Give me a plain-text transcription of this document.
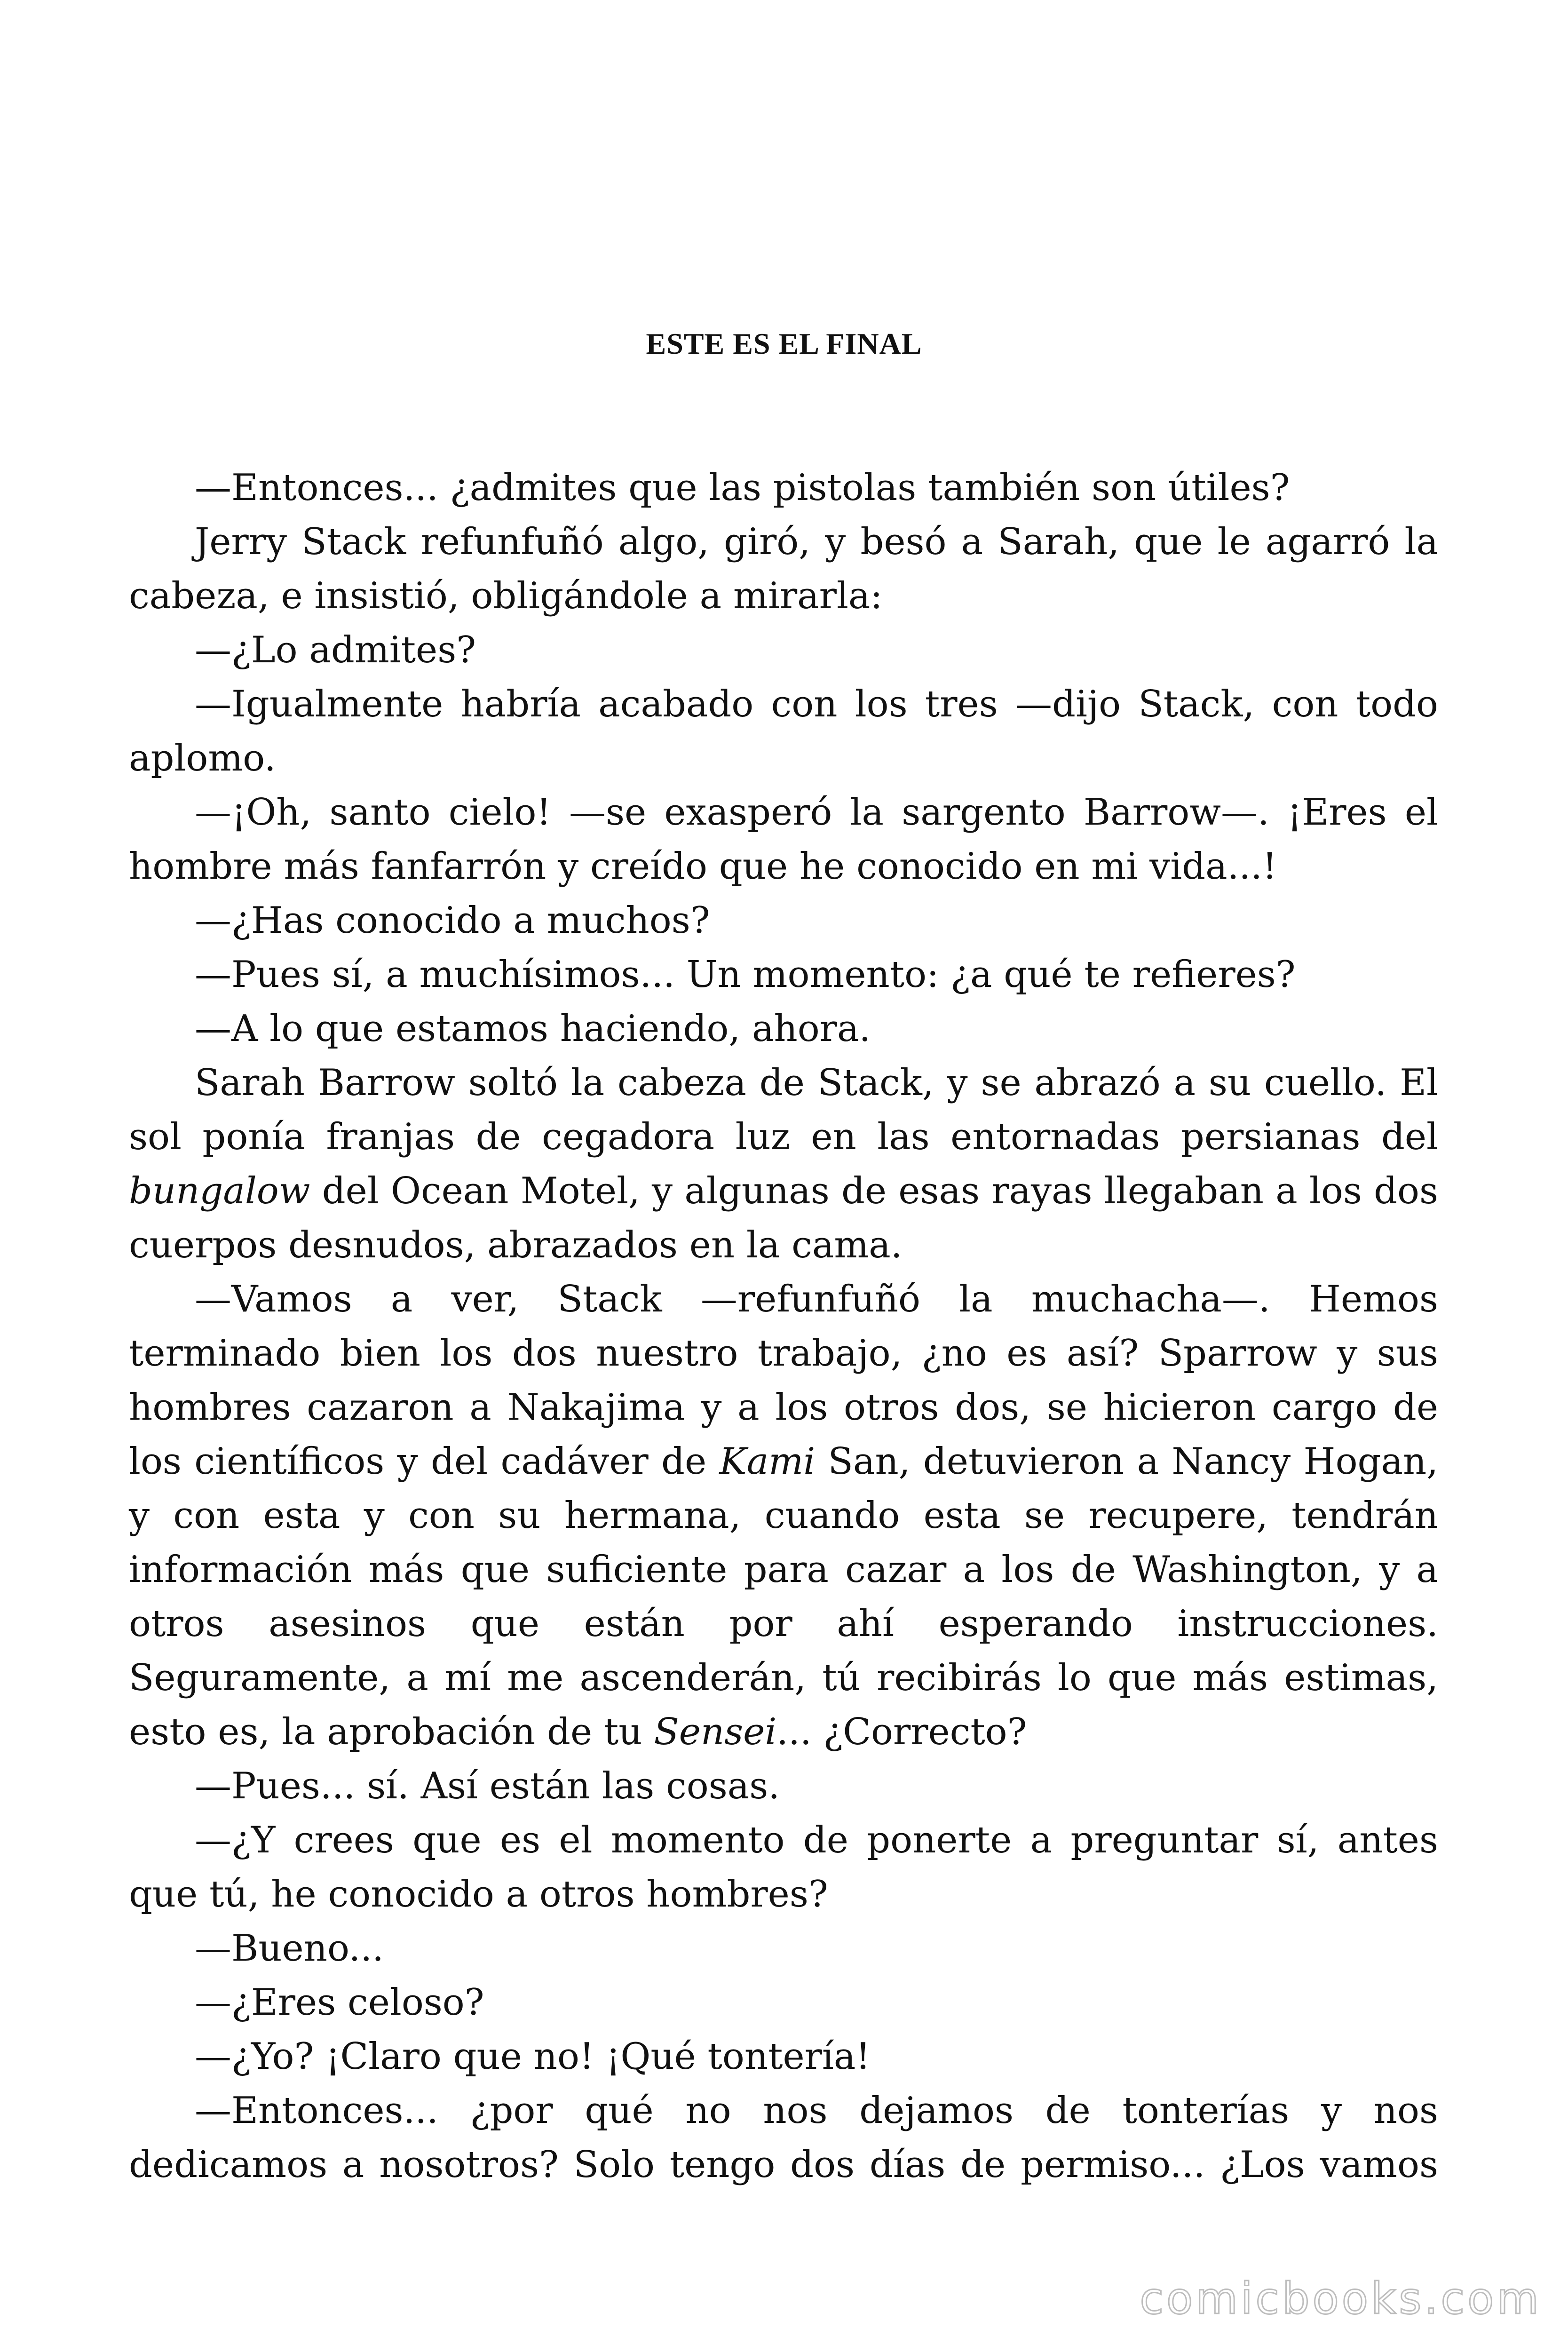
ESTE ES EL FINAL

—Entonces... ¿admites que las pistolas también son útiles?

Jerry Stack refunfuñó algo, giró, y besó a Sarah, que le agarró la cabeza, e insistió, obligándole a mirarla:

—¿Lo admites?

—Igualmente habría acabado con los tres —dijo Stack, con todo aplomo.

—¡Oh, santo cielo! —se exasperó la sargento Barrow—. ¡Eres el hombre más fanfarrón y creído que he conocido en mi vida...!

—¿Has conocido a muchos?

—Pues sí, a muchísimos... Un momento: ¿a qué te refieres?

—A lo que estamos haciendo, ahora.

Sarah Barrow soltó la cabeza de Stack, y se abrazó a su cuello. El sol ponía franjas de cegadora luz en las entornadas persianas del bungalow del Ocean Motel, y algunas de esas rayas llegaban a los dos cuerpos desnudos, abrazados en la cama.

—Vamos a ver, Stack —refunfuñó la muchacha—. Hemos terminado bien los dos nuestro trabajo, ¿no es así? Sparrow y sus hombres cazaron a Nakajima y a los otros dos, se hicieron cargo de los científicos y del cadáver de Kami San, detuvieron a Nancy Hogan, y con esta y con su hermana, cuando esta se recupere, tendrán información más que suficiente para cazar a los de Washington, y a otros asesinos que están por ahí esperando instrucciones. Seguramente, a mí me ascenderán, tú recibirás lo que más estimas, esto es, la aprobación de tu Sensei... ¿Correcto?

—Pues... sí. Así están las cosas.

—¿Y crees que es el momento de ponerte a preguntar sí, antes que tú, he conocido a otros hombres?

—Bueno...

—¿Eres celoso?

—¿Yo? ¡Claro que no! ¡Qué tontería!

—Entonces... ¿por qué no nos dejamos de tonterías y nos dedicamos a nosotros? Solo tengo dos días de permiso... ¿Los vamos

comicbooks.com
